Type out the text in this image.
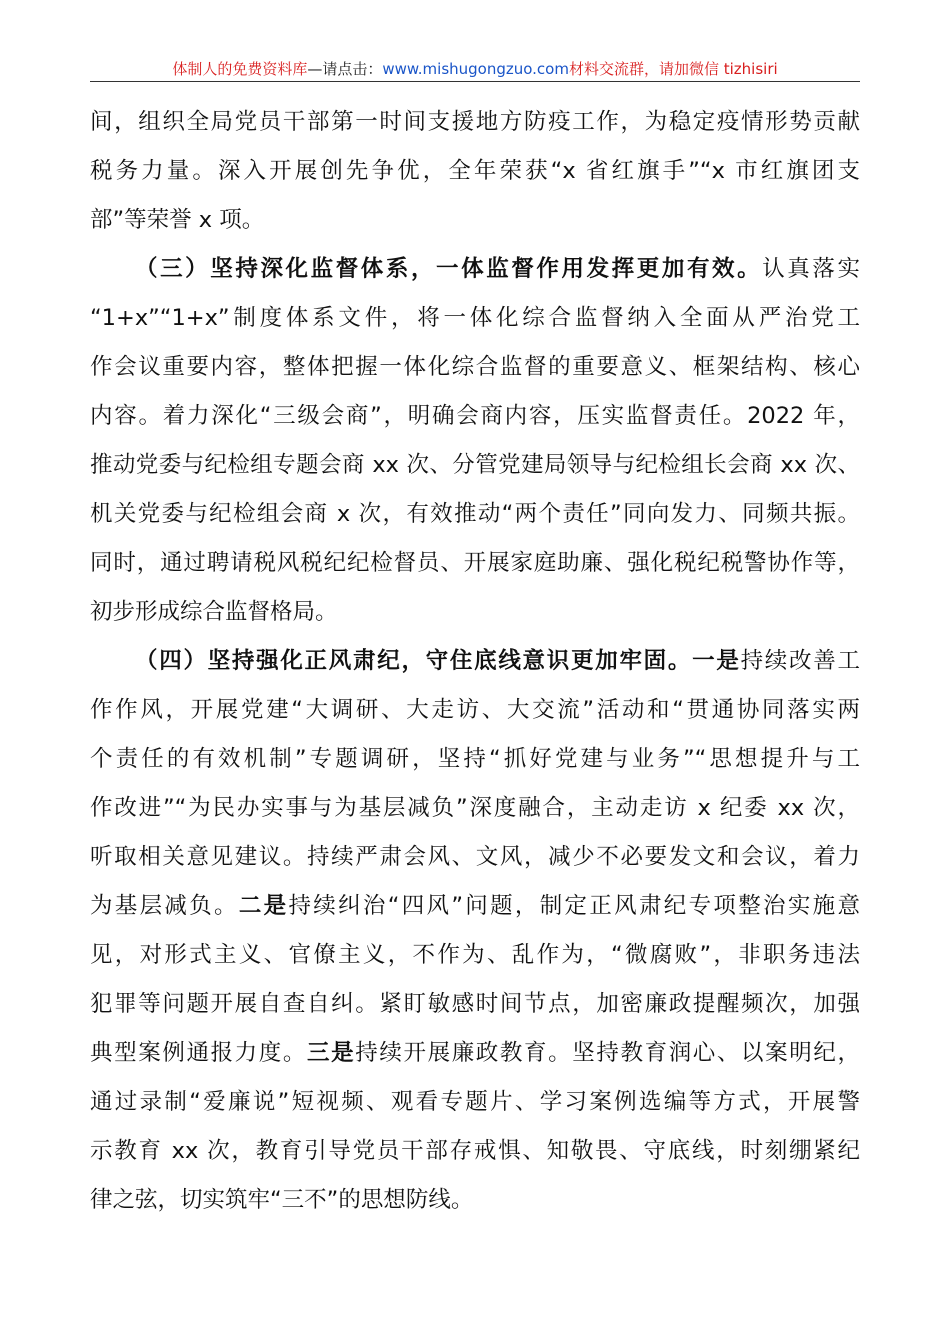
体制人的免费资料库—请点击：www.mishugongzuo.com材料交流群，请加微信 tizhisiri
间，组织全局党员干部第一时间支援地方防疫工作，为稳定疫情形势贡献
税务力量。深入开展创先争优，全年荣获“x 省红旗手”“x 市红旗团支
部”等荣誉 x 项。
（三）坚持深化监督体系，一体监督作用发挥更加有效。认真落实
“1+x”“1+x”制度体系文件，将一体化综合监督纳入全面从严治党工
作会议重要内容，整体把握一体化综合监督的重要意义、框架结构、核心
内容。着力深化“三级会商”，明确会商内容，压实监督责任。2022 年，
推动党委与纪检组专题会商 xx 次、分管党建局领导与纪检组长会商 xx 次、
机关党委与纪检组会商 x 次，有效推动“两个责任”同向发力、同频共振。
同时，通过聘请税风税纪纪检督员、开展家庭助廉、强化税纪税警协作等，
初步形成综合监督格局。
（四）坚持强化正风肃纪，守住底线意识更加牢固。一是持续改善工
作作风，开展党建“大调研、大走访、大交流”活动和“贯通协同落实两
个责任的有效机制”专题调研，坚持“抓好党建与业务”“思想提升与工
作改进”“为民办实事与为基层减负”深度融合，主动走访 x 纪委 xx 次，
听取相关意见建议。持续严肃会风、文风，减少不必要发文和会议，着力
为基层减负。二是持续纠治“四风”问题，制定正风肃纪专项整治实施意
见，对形式主义、官僚主义，不作为、乱作为，“微腐败”，非职务违法
犯罪等问题开展自查自纠。紧盯敏感时间节点，加密廉政提醒频次，加强
典型案例通报力度。三是持续开展廉政教育。坚持教育润心、以案明纪，
通过录制“爱廉说”短视频、观看专题片、学习案例选编等方式，开展警
示教育 xx 次，教育引导党员干部存戒惧、知敬畏、守底线，时刻绷紧纪
律之弦，切实筑牢“三不”的思想防线。
